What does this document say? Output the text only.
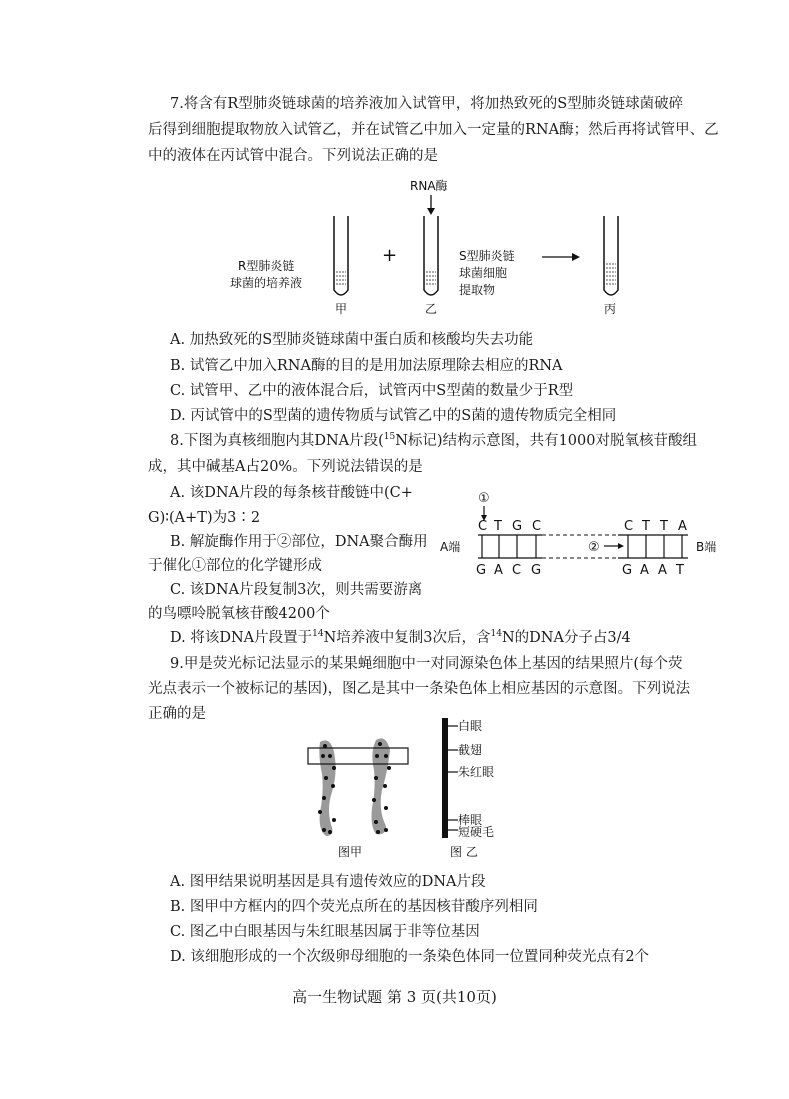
7.将含有R型肺炎链球菌的培养液加入试管甲，将加热致死的S型肺炎链球菌破碎
后得到细胞提取物放入试管乙，并在试管乙中加入一定量的RNA酶；然后再将试管甲、乙
中的液体在丙试管中混合。下列说法正确的是
RNA酶
R型肺炎链
球菌的培养液
甲
+
乙
S型肺炎链
球菌细胞
提取物
丙
A. 加热致死的S型肺炎链球菌中蛋白质和核酸均失去功能
B. 试管乙中加入RNA酶的目的是用加法原理除去相应的RNA
C. 试管甲、乙中的液体混合后，试管丙中S型菌的数量少于R型
D. 丙试管中的S型菌的遗传物质与试管乙中的S菌的遗传物质完全相同
8.下图为真核细胞内其DNA片段($^{15}$N标记)结构示意图，共有1000对脱氧核苷酸组
成，其中碱基A占20%。下列说法错误的是
A. 该DNA片段的每条核苷酸链中(C+
G)∶(A+T)为3∶2
B. 解旋酶作用于②部位，DNA聚合酶用
于催化①部位的化学键形成
C. 该DNA片段复制3次，则共需要游离
的鸟嘌呤脱氧核苷酸4200个
D. 将该DNA片段置于$^{14}$N培养液中复制3次后，含$^{14}$N的DNA分子占3/4
①
C T G C	C T T A
A端	B端
②
G A C G	G A A T
9.甲是荧光标记法显示的某果蝇细胞中一对同源染色体上基因的结果照片(每个荧
光点表示一个被标记的基因)，图乙是其中一条染色体上相应基因的示意图。下列说法
正确的是
图甲
白眼
截翅
朱红眼
棒眼
短硬毛
图 乙
A. 图甲结果说明基因是具有遗传效应的DNA片段
B. 图甲中方框内的四个荧光点所在的基因核苷酸序列相同
C. 图乙中白眼基因与朱红眼基因属于非等位基因
D. 该细胞形成的一个次级卵母细胞的一条染色体同一位置同种荧光点有2个
高一生物试题 第 3 页(共10页)
